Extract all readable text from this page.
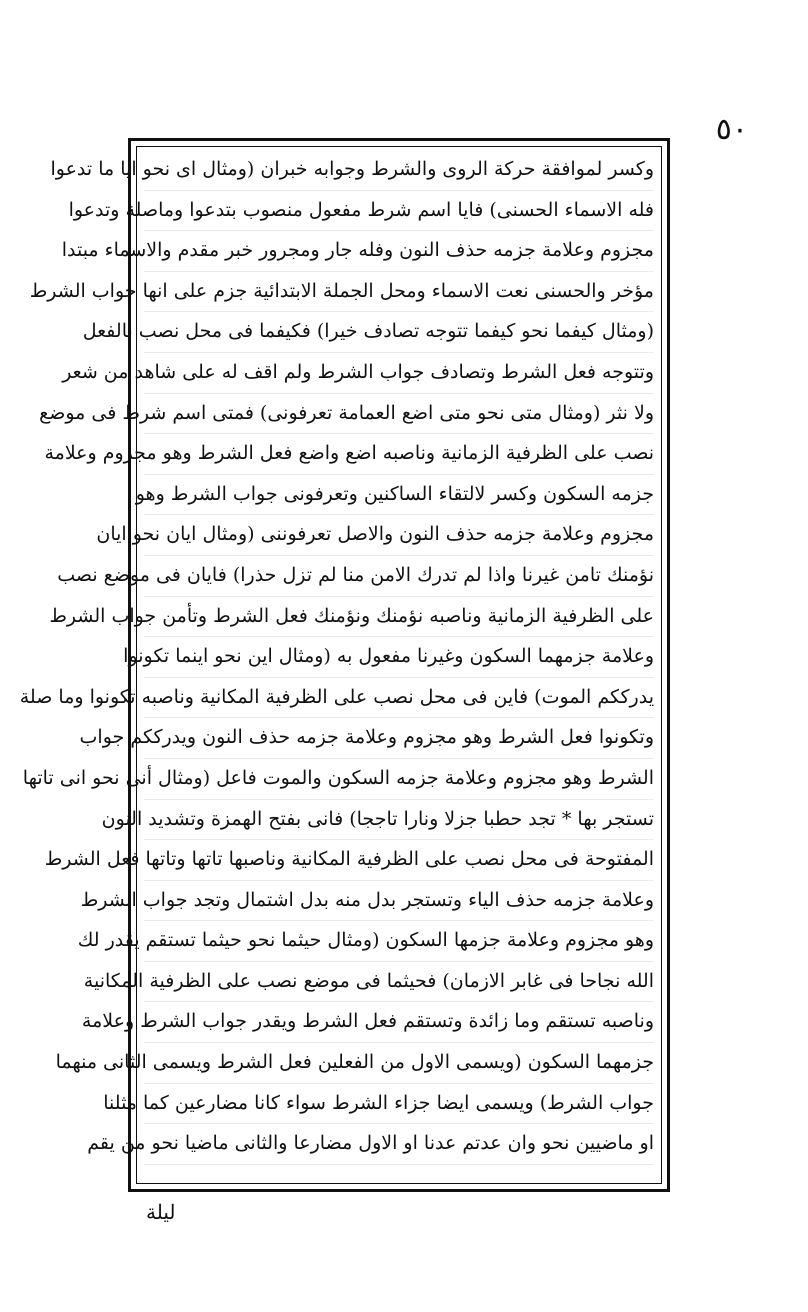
٥٠
وكسر لموافقة حركة الروى والشرط وجوابه خبران (ومثال اى نحو ايا ما تدعوا
فله الاسماء الحسنى) فايا اسم شرط مفعول منصوب بتدعوا وماصلة وتدعوا
مجزوم وعلامة جزمه حذف النون وفله جار ومجرور خبر مقدم والاسماء مبتدا
مؤخر والحسنى نعت الاسماء ومحل الجملة الابتدائية جزم على انها جواب الشرط
(ومثال كيفما نحو كيفما تتوجه تصادف خيرا) فكيفما فى محل نصب بالفعل
وتتوجه فعل الشرط وتصادف جواب الشرط ولم اقف له على شاهد من شعر
ولا نثر (ومثال متى نحو متى اضع العمامة تعرفونى) فمتى اسم شرط فى موضع
نصب على الظرفية الزمانية وناصبه اضع واضع فعل الشرط وهو مجزوم وعلامة
جزمه السكون وكسر لالتقاء الساكنين وتعرفونى جواب الشرط وهو
مجزوم وعلامة جزمه حذف النون والاصل تعرفوننى (ومثال ايان نحو ايان
نؤمنك تامن غيرنا واذا لم تدرك الامن منا لم تزل حذرا) فايان فى موضع نصب
على الظرفية الزمانية وناصبه نؤمنك ونؤمنك فعل الشرط وتأمن جواب الشرط
وعلامة جزمهما السكون وغيرنا مفعول به (ومثال اين نحو اينما تكونوا
يدرككم الموت) فاين فى محل نصب على الظرفية المكانية وناصبه تكونوا وما صلة
وتكونوا فعل الشرط وهو مجزوم وعلامة جزمه حذف النون ويدرككم جواب
الشرط وهو مجزوم وعلامة جزمه السكون والموت فاعل (ومثال أنى نحو انى تاتها
تستجر بها * تجد حطبا جزلا ونارا تاججا) فانى بفتح الهمزة وتشديد النون
المفتوحة فى محل نصب على الظرفية المكانية وناصبها تاتها وتاتها فعل الشرط
وعلامة جزمه حذف الياء وتستجر بدل منه بدل اشتمال وتجد جواب الشرط
وهو مجزوم وعلامة جزمها السكون (ومثال حيثما نحو حيثما تستقم يقدر لك
الله نجاحا فى غابر الازمان) فحيثما فى موضع نصب على الظرفية المكانية
وناصبه تستقم وما زائدة وتستقم فعل الشرط ويقدر جواب الشرط وعلامة
جزمهما السكون (ويسمى الاول من الفعلين فعل الشرط ويسمى الثانى منهما
جواب الشرط) ويسمى ايضا جزاء الشرط سواء كانا مضارعين كما مثلنا
او ماضيين نحو وان عدتم عدنا او الاول مضارعا والثانى ماضيا نحو من يقم
ليلة
